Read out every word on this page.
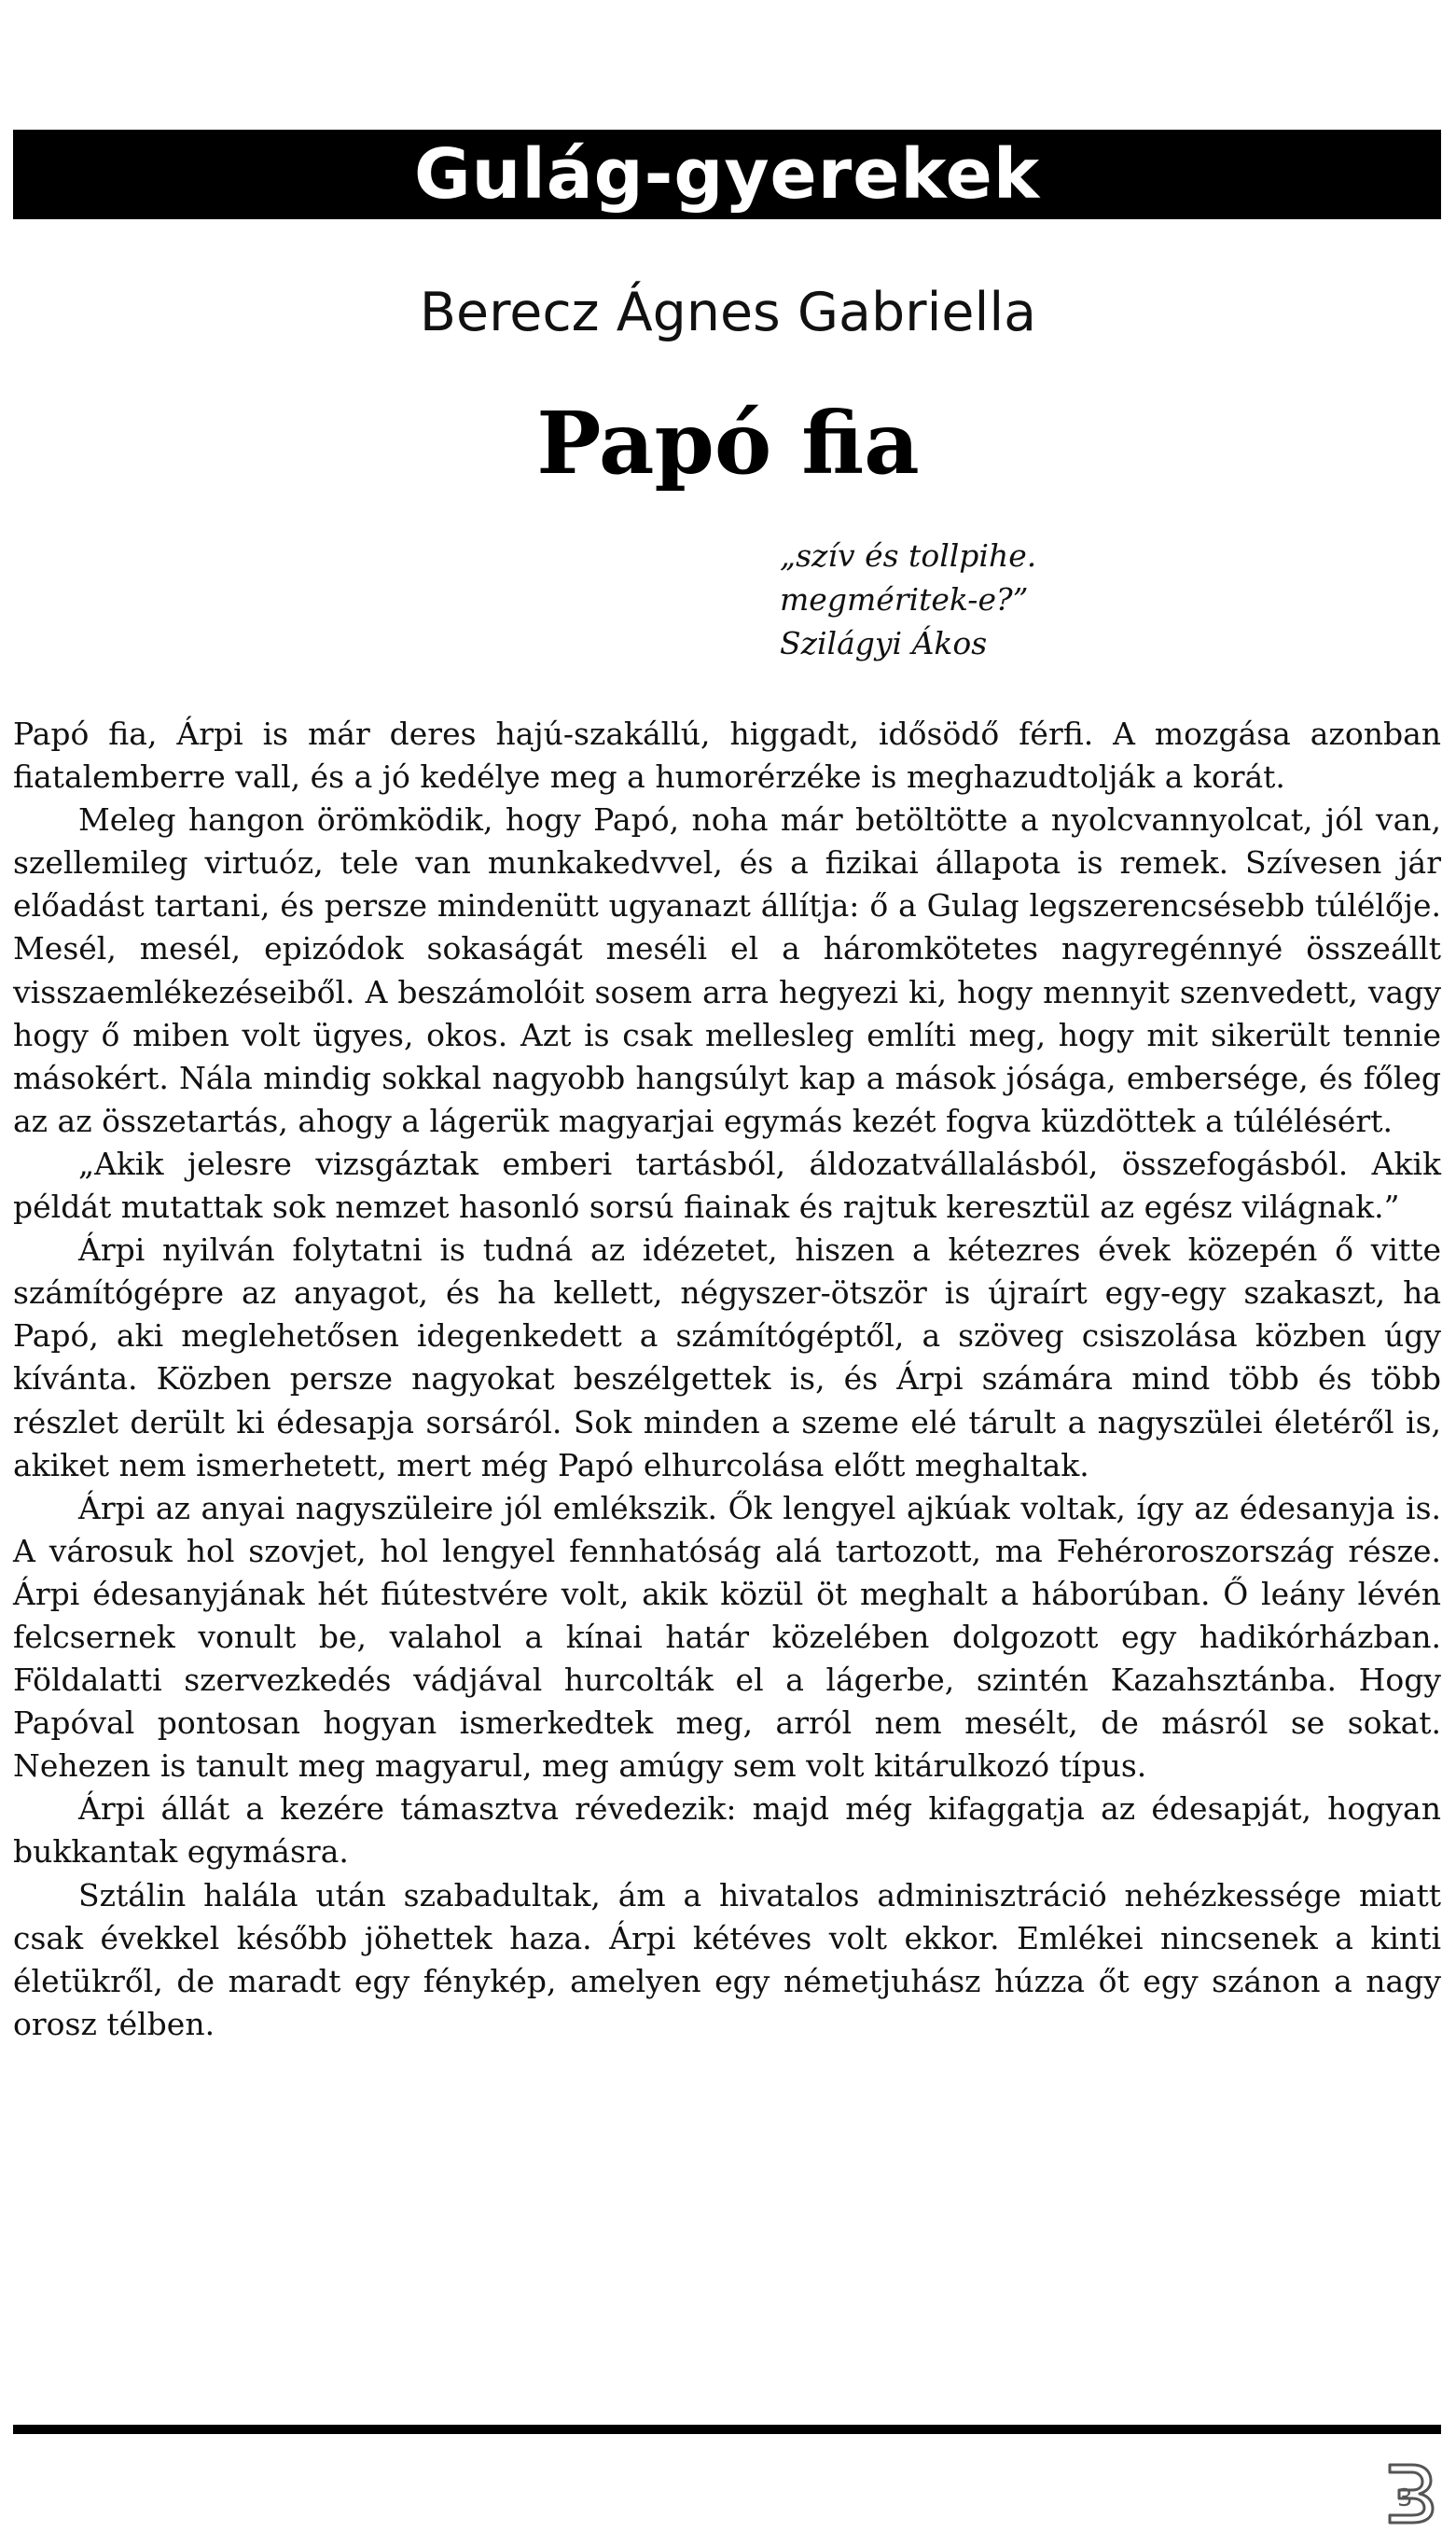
Gulág-gyerekek
Berecz Ágnes Gabriella
Papó fia
„szív és tollpihe.
megméritek-e?”
Szilágyi Ákos

Papó fia, Árpi is már deres hajú-szakállú, higgadt, idősödő férfi. A mozgása azonban fiatalemberre vall, és a jó kedélye meg a humorérzéke is meghazudtolják a korát.

Meleg hangon örömködik, hogy Papó, noha már betöltötte a nyolcvannyolcat, jól van, szellemileg virtuóz, tele van munkakedvvel, és a fizikai állapota is remek. Szívesen jár előadást tartani, és persze mindenütt ugyanazt állítja: ő a Gulag legszerencsésebb túlélője. Mesél, mesél, epizódok sokaságát meséli el a háromkötetes nagyregénnyé összeállt visszaemlékezéseiből. A beszámolóit sosem arra hegyezi ki, hogy mennyit szenvedett, vagy hogy ő miben volt ügyes, okos. Azt is csak mellesleg említi meg, hogy mit sikerült tennie másokért. Nála mindig sokkal nagyobb hangsúlyt kap a mások jósága, embersége, és főleg az az összetartás, ahogy a lágerük magyarjai egymás kezét fogva küzdöttek a túlélésért.

„Akik jelesre vizsgáztak emberi tartásból, áldozatvállalásból, összefogásból. Akik példát mutattak sok nemzet hasonló sorsú fiainak és rajtuk keresztül az egész világnak.”

Árpi nyilván folytatni is tudná az idézetet, hiszen a kétezres évek közepén ő vitte számítógépre az anyagot, és ha kellett, négyszer-ötször is újraírt egy-egy szakaszt, ha Papó, aki meglehetősen idegenkedett a számítógéptől, a szöveg csiszolása közben úgy kívánta. Közben persze nagyokat beszélgettek is, és Árpi számára mind több és több részlet derült ki édesapja sorsáról. Sok minden a szeme elé tárult a nagyszülei életéről is, akiket nem ismerhetett, mert még Papó elhurcolása előtt meghaltak.

Árpi az anyai nagyszüleire jól emlékszik. Ők lengyel ajkúak voltak, így az édesanyja is. A városuk hol szovjet, hol lengyel fennhatóság alá tartozott, ma Fehéroroszország része. Árpi édesanyjának hét fiútestvére volt, akik közül öt meghalt a háborúban. Ő leány lévén felcsernek vonult be, valahol a kínai határ közelében dolgozott egy hadikórházban. Földalatti szervezkedés vádjával hurcolták el a lágerbe, szintén Kazahsztánba. Hogy Papóval pontosan hogyan ismerkedtek meg, arról nem mesélt, de másról se sokat. Nehezen is tanult meg magyarul, meg amúgy sem volt kitárulkozó típus.

Árpi állát a kezére támasztva révedezik: majd még kifaggatja az édesapját, hogyan bukkantak egymásra.

Sztálin halála után szabadultak, ám a hivatalos adminisztráció nehézkessége miatt csak évekkel később jöhettek haza. Árpi kétéves volt ekkor. Emlékei nincsenek a kinti életükről, de maradt egy fénykép, amelyen egy németjuhász húzza őt egy szánon a nagy orosz télben.

3
